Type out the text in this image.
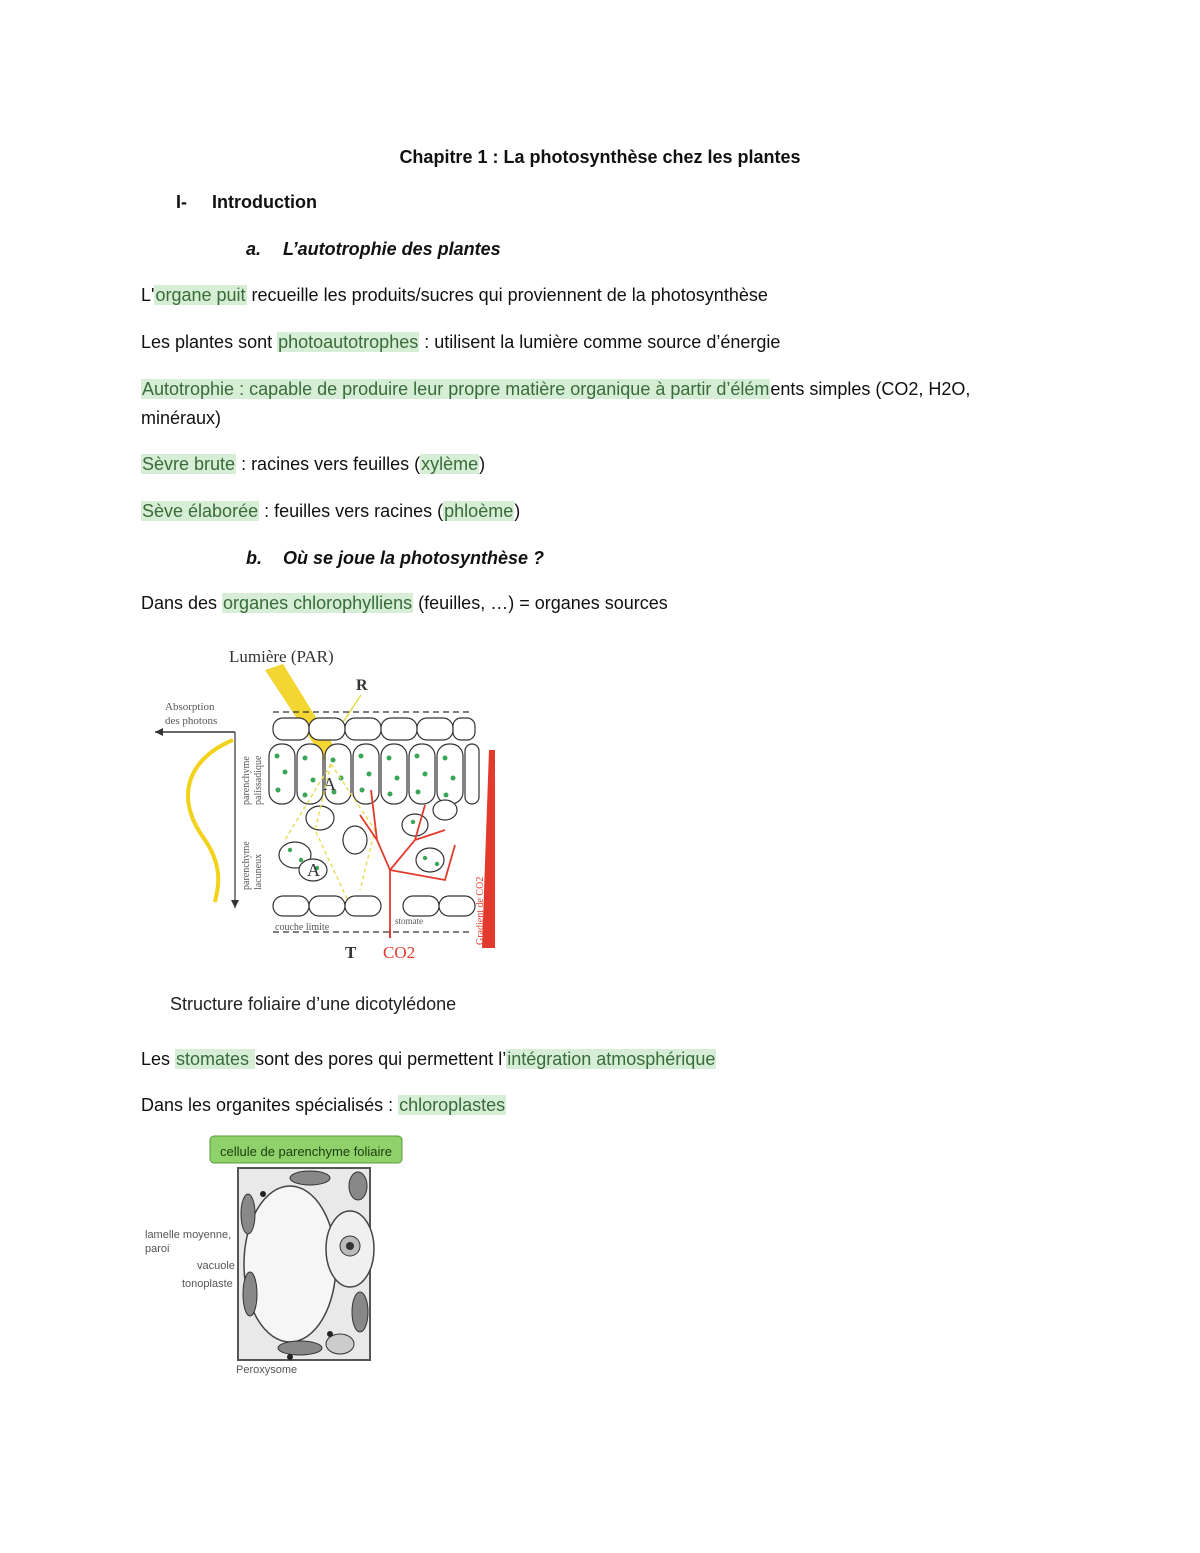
Chapitre 1 : La photosynthèse chez les plantes
I- Introduction
a. L’autotrophie des plantes
L'organe puit recueille les produits/sucres qui proviennent de la photosynthèse
Les plantes sont photoautotrophes : utilisent la lumière comme source d’énergie
Autotrophie : capable de produire leur propre matière organique à partir d’éléments simples (CO2, H2O,
minéraux)
Sèvre brute : racines vers feuilles (xylème)
Sève élaborée : feuilles vers racines (phloème)
b. Où se joue la photosynthèse ?
Dans des organes chlorophylliens (feuilles, …) = organes sources
Lumière (PAR)
R
Absorption
des photons
parenchyme palissadique
parenchyme lacuneux
A
A
stomate
couche limite
T CO2
Gradient de CO2
Structure foliaire d’une dicotylédone
Les stomates sont des pores qui permettent l’intégration atmosphérique
Dans les organites spécialisés : chloroplastes
cellule de parenchyme foliaire
lamelle moyenne,
paroi
vacuole
tonoplaste
Peroxysome
